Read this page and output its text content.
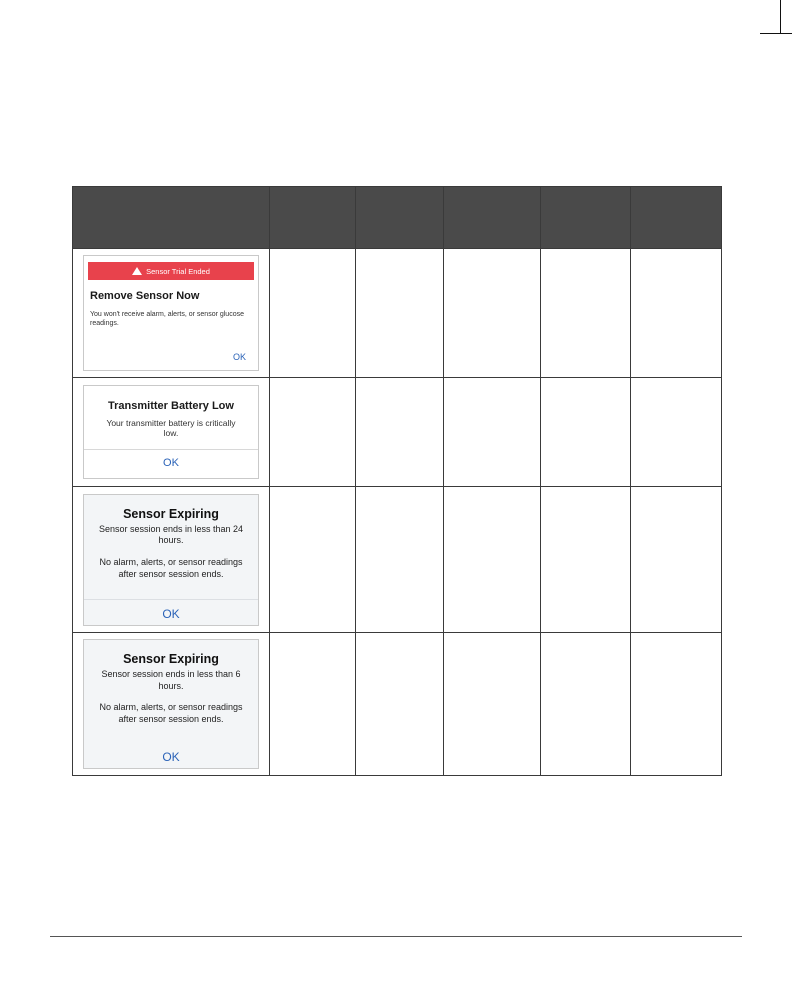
Sensor Trial Ended
Remove Sensor Now
You won't receive alarm, alerts, or sensor glucose readings.
OK					

Transmitter Battery Low
Your transmitter battery is critically low.
OK					

Sensor Expiring
Sensor session ends in less than 24 hours.
No alarm, alerts, or sensor readings after sensor session ends.
OK					

Sensor Expiring
Sensor session ends in less than 6 hours.
No alarm, alerts, or sensor readings after sensor session ends.
OK					
